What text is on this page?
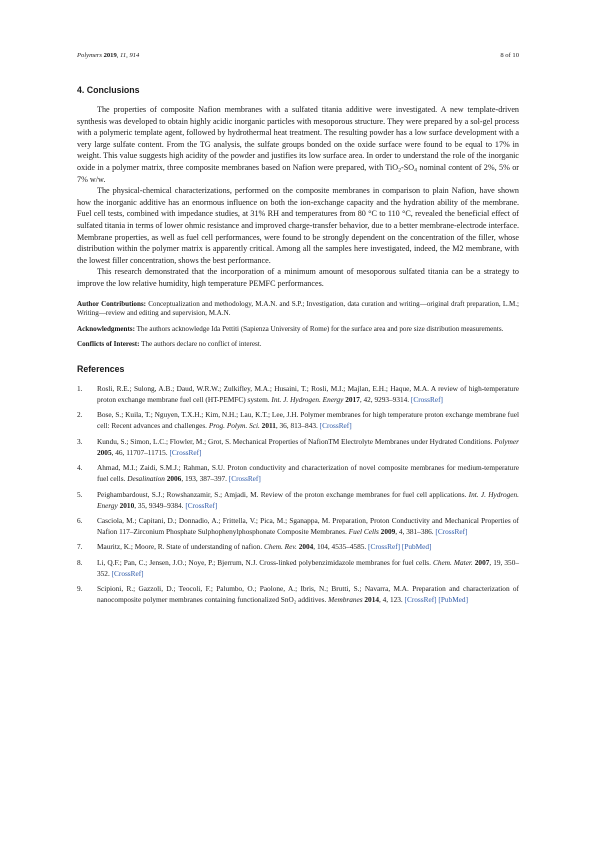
Polymers 2019, 11, 914	8 of 10
4. Conclusions

The properties of composite Nafion membranes with a sulfated titania additive were investigated. A new template-driven synthesis was developed to obtain highly acidic inorganic particles with mesoporous structure. They were prepared by a sol-gel process with a polymeric template agent, followed by hydrothermal heat treatment. The resulting powder has a low surface development with a very large sulfate content. From the TG analysis, the sulfate groups bonded on the oxide surface were found to be equal to 17% in weight. This value suggests high acidity of the powder and justifies its low surface area. In order to understand the role of the inorganic oxide in a polymer matrix, three composite membranes based on Nafion were prepared, with $TiO_2-SO_4$ nominal content of 2%, 5% or 7% w/w.

The physical-chemical characterizations, performed on the composite membranes in comparison to plain Nafion, have shown how the inorganic additive has an enormous influence on both the ion-exchange capacity and the hydration ability of the membrane. Fuel cell tests, combined with impedance studies, at 31% RH and temperatures from 80 °C to 110 °C, revealed the beneficial effect of sulfated titania in terms of lower ohmic resistance and improved charge-transfer behavior, due to a better membrane-electrode interface. Membrane properties, as well as fuel cell performances, were found to be strongly dependent on the concentration of the filler, whose distribution within the polymer matrix is apparently critical. Among all the samples here investigated, indeed, the M2 membrane, with the lowest filler concentration, shows the best performance.

This research demonstrated that the incorporation of a minimum amount of mesoporous sulfated titania can be a strategy to improve the low relative humidity, high temperature PEMFC performances.

Author Contributions: Conceptualization and methodology, M.A.N. and S.P.; Investigation, data curation and writing—original draft preparation, L.M.; Writing—review and editing and supervision, M.A.N.

Acknowledgments: The authors acknowledge Ida Pettiti (Sapienza University of Rome) for the surface area and pore size distribution measurements.

Conflicts of Interest: The authors declare no conflict of interest.

References
1. Rosli, R.E.; Sulong, A.B.; Daud, W.R.W.; Zulkifley, M.A.; Husaini, T.; Rosli, M.I.; Majlan, E.H.; Haque, M.A. A review of high-temperature proton exchange membrane fuel cell (HT-PEMFC) system. Int. J. Hydrogen. Energy 2017, 42, 9293–9314. [CrossRef]
2. Bose, S.; Kuila, T.; Nguyen, T.X.H.; Kim, N.H.; Lau, K.T.; Lee, J.H. Polymer membranes for high temperature proton exchange membrane fuel cell: Recent advances and challenges. Prog. Polym. Sci. 2011, 36, 813–843. [CrossRef]
3. Kundu, S.; Simon, L.C.; Flowler, M.; Grot, S. Mechanical Properties of NafionTM Electrolyte Membranes under Hydrated Conditions. Polymer 2005, 46, 11707–11715. [CrossRef]
4. Ahmad, M.I.; Zaidi, S.M.J.; Rahman, S.U. Proton conductivity and characterization of novel composite membranes for medium-temperature fuel cells. Desalination 2006, 193, 387–397. [CrossRef]
5. Peighambardoust, S.J.; Rowshanzamir, S.; Amjadi, M. Review of the proton exchange membranes for fuel cell applications. Int. J. Hydrogen. Energy 2010, 35, 9349–9384. [CrossRef]
6. Casciola, M.; Capitani, D.; Donnadio, A.; Frittella, V.; Pica, M.; Sganappa, M. Preparation, Proton Conductivity and Mechanical Properties of Nafion 117–Zirconium Phosphate Sulphophenylphosphonate Composite Membranes. Fuel Cells 2009, 4, 381–386. [CrossRef]
7. Mauritz, K.; Moore, R. State of understanding of nafion. Chem. Rev. 2004, 104, 4535–4585. [CrossRef] [PubMed]
8. Li, Q.F.; Pan, C.; Jensen, J.O.; Noye, P.; Bjerrum, N.J. Cross-linked polybenzimidazole membranes for fuel cells. Chem. Mater. 2007, 19, 350–352. [CrossRef]
9. Scipioni, R.; Gazzoli, D.; Teocoli, F.; Palumbo, O.; Paolone, A.; Ibris, N.; Brutti, S.; Navarra, M.A. Preparation and characterization of nanocomposite polymer membranes containing functionalized SnO₂ additives. Membranes 2014, 4, 123. [CrossRef] [PubMed]
